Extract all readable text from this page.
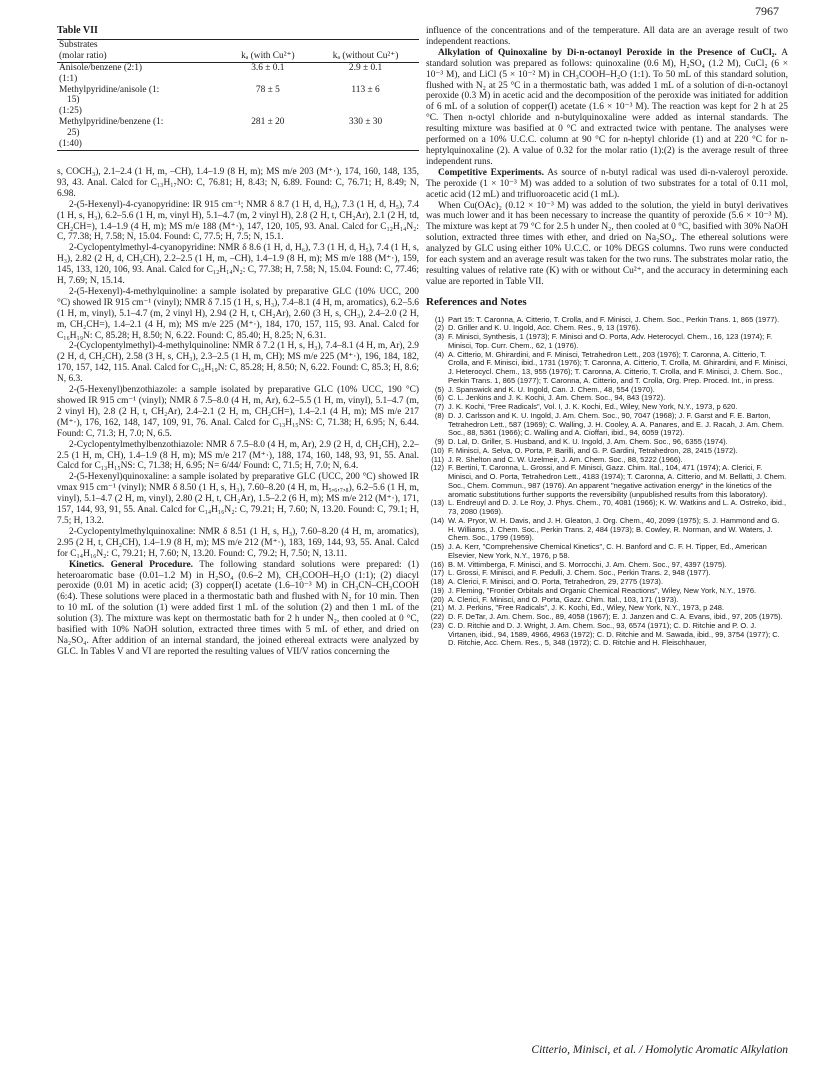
7967
Table VII
Substrates		
(molar ratio)	kₐ (with Cu²⁺)	kₐ (without Cu²⁺)
Anisole/benzene (2:1)	3.6 ± 0.1	2.9 ± 0.1
(1:1)		
Methylpyridine/anisole (1:	78 ± 5	113 ± 6
15)		
(1:25)		
Methylpyridine/benzene (1:	281 ± 20	330 ± 30
25)		
(1:40)		

s, COCH₃), 2.1–2.4 (1 H, m, –CH), 1.4–1.9 (8 H, m); MS m/e 203 (M⁺·), 174, 160, 148, 135, 93, 43. Anal. Calcd for C₁₃H₁₇NO: C, 76.81; H, 8.43; N, 6.89. Found: C, 76.71; H, 8.49; N, 6.98.

2-(5-Hexenyl)-4-cyanopyridine: IR 915 cm⁻¹; NMR δ 8.7 (1 H, d, H₆), 7.3 (1 H, d, H₅), 7.4 (1 H, s, H₃), 6.2–5.6 (1 H, m, vinyl H), 5.1–4.7 (m, 2 vinyl H), 2.8 (2 H, t, CH₂Ar), 2.1 (2 H, td, CH₂CH=), 1.4–1.9 (4 H, m); MS m/e 188 (M⁺·), 147, 120, 105, 93. Anal. Calcd for C₁₂H₁₄N₂: C, 77.38; H, 7.58; N, 15.04. Found: C, 77.5; H, 7.5; N, 15.1.

2-Cyclopentylmethyl-4-cyanopyridine: NMR δ 8.6 (1 H, d, H₆), 7.3 (1 H, d, H₅), 7.4 (1 H, s, H₃), 2.82 (2 H, d, CH₂CH), 2.2–2.5 (1 H, m, –CH), 1.4–1.9 (8 H, m); MS m/e 188 (M⁺·), 159, 145, 133, 120, 106, 93. Anal. Calcd for C₁₂H₁₄N₂: C, 77.38; H, 7.58; N, 15.04. Found: C, 77.46; H, 7.69; N, 15.14.

2-(5-Hexenyl)-4-methylquinoline: a sample isolated by preparative GLC (10% UCC, 200 °C) showed IR 915 cm⁻¹ (vinyl); NMR δ 7.15 (1 H, s, H₃), 7.4–8.1 (4 H, m, aromatics), 6.2–5.6 (1 H, m, vinyl), 5.1–4.7 (m, 2 vinyl H), 2.94 (2 H, t, CH₂Ar), 2.60 (3 H, s, CH₃), 2.4–2.0 (2 H, m, CH₂CH=), 1.4–2.1 (4 H, m); MS m/e 225 (M⁺·), 184, 170, 157, 115, 93. Anal. Calcd for C₁₆H₁₉N: C, 85.28; H, 8.50; N, 6.22. Found: C, 85.40; H, 8.25; N, 6.31.

2-(Cyclopentylmethyl)-4-methylquinoline: NMR δ 7.2 (1 H, s, H₃), 7.4–8.1 (4 H, m, Ar), 2.9 (2 H, d, CH₂CH), 2.58 (3 H, s, CH₃), 2.3–2.5 (1 H, m, CH); MS m/e 225 (M⁺·), 196, 184, 182, 170, 157, 142, 115. Anal. Calcd for C₁₆H₁₉N: C, 85.28; H, 8.50; N, 6.22. Found: C, 85.3; H, 8.6; N, 6.3.

2-(5-Hexenyl)benzothiazole: a sample isolated by preparative GLC (10% UCC, 190 °C) showed IR 915 cm⁻¹ (vinyl); NMR δ 7.5–8.0 (4 H, m, Ar), 6.2–5.5 (1 H, m, vinyl), 5.1–4.7 (m, 2 vinyl H), 2.8 (2 H, t, CH₂Ar), 2.4–2.1 (2 H, m, CH₂CH=), 1.4–2.1 (4 H, m); MS m/e 217 (M⁺·), 176, 162, 148, 147, 109, 91, 76. Anal. Calcd for C₁₃H₁₅NS: C, 71.38; H, 6.95; N, 6.44. Found: C, 71.3; H, 7.0; N, 6.5.

2-Cyclopentylmethylbenzothiazole: NMR δ 7.5–8.0 (4 H, m, Ar), 2.9 (2 H, d, CH₂CH), 2.2–2.5 (1 H, m, CH), 1.4–1.9 (8 H, m); MS m/e 217 (M⁺·), 188, 174, 160, 148, 93, 91, 55. Anal. Calcd for C₁₃H₁₅NS: C, 71.38; H, 6.95; N= 6/44/ Found: C, 71.5; H, 7.0; N, 6.4.

2-(5-Hexenyl)quinoxaline: a sample isolated by preparative GLC (UCC, 200 °C) showed IR νmax 915 cm⁻¹ (vinyl); NMR δ 8.50 (1 H, s, H₃), 7.60–8.20 (4 H, m, H₅,₆,₇,₈), 6.2–5.6 (1 H, m, vinyl), 5.1–4.7 (2 H, m, vinyl), 2.80 (2 H, t, CH₂Ar), 1.5–2.2 (6 H, m); MS m/e 212 (M⁺·), 171, 157, 144, 93, 91, 55. Anal. Calcd for C₁₄H₁₆N₂: C, 79.21; H, 7.60; N, 13.20. Found: C, 79.1; H, 7.5; H, 13.2.

2-Cyclopentylmethylquinoxaline: NMR δ 8.51 (1 H, s, H₃), 7.60–8.20 (4 H, m, aromatics), 2.95 (2 H, t, CH₂CH), 1.4–1.9 (8 H, m); MS m/e 212 (M⁺·), 183, 169, 144, 93, 55. Anal. Calcd for C₁₄H₁₆N₂: C, 79.21; H, 7.60; N, 13.20. Found: C, 79.2; H, 7.50; N, 13.11.

Kinetics. General Procedure. The following standard solutions were prepared: (1) heteroaromatic base (0.01–1.2 M) in H₂SO₄ (0.6–2 M), CH₃COOH–H₂O (1:1); (2) diacyl peroxide (0.01 M) in acetic acid; (3) copper(I) acetate (1.6–10⁻³ M) in CH₃CN–CH₃COOH (6:4). These solutions were placed in a thermostatic bath and flushed with N₂ for 10 min. Then to 10 mL of the solution (1) were added first 1 mL of the solution (2) and then 1 mL of the solution (3). The mixture was kept on thermostatic bath for 2 h under N₂, then cooled at 0 °C, basified with 10% NaOH solution, extracted three times with 5 mL of ether, and dried on Na₂SO₄. After addition of an internal standard, the joined ethereal extracts were analyzed by GLC. In Tables V and VI are reported the resulting values of VII/V ratios concerning the

influence of the concentrations and of the temperature. All data are an average result of two independent reactions.

Alkylation of Quinoxaline by Di-n-octanoyl Peroxide in the Presence of CuCl₂. A standard solution was prepared as follows: quinoxaline (0.6 M), H₂SO₄ (1.2 M), CuCl₂ (6 × 10⁻³ M), and LiCl (5 × 10⁻² M) in CH₃COOH–H₂O (1:1). To 50 mL of this standard solution, flushed with N₂ at 25 °C in a thermostatic bath, was added 1 mL of a solution of di-n-octanoyl peroxide (0.3 M) in acetic acid and the decomposition of the peroxide was initiated for addition of 6 mL of a solution of copper(I) acetate (1.6 × 10⁻³ M). The reaction was kept for 2 h at 25 °C. Then n-octyl chloride and n-butylquinoxaline were added as internal standards. The resulting mixture was basified at 0 °C and extracted twice with pentane. The analyses were performed on a 10% U.C.C. column at 90 °C for n-heptyl chloride (1) and at 220 °C for n-heptylquinoxaline (2). A value of 0.32 for the molar ratio (1):(2) is the average result of three independent runs.

Competitive Experiments. As source of n-butyl radical was used di-n-valeroyl peroxide. The peroxide (1 × 10⁻³ M) was added to a solution of two substrates for a total of 0.11 mol, acetic acid (12 mL) and trifluoroacetic acid (1 mL).

When Cu(OAc)₂ (0.12 × 10⁻³ M) was added to the solution, the yield in butyl derivatives was much lower and it has been necessary to increase the quantity of peroxide (5.6 × 10⁻³ M). The mixture was kept at 79 °C for 2.5 h under N₂, then cooled at 0 °C, basified with 30% NaOH solution, extracted three times with ether, and dried on Na₂SO₄. The ethereal solutions were analyzed by GLC using either 10% U.C.C. or 10% DEGS columns. Two runs were conducted for each system and an average result was taken for the two runs. The substrates molar ratio, the resulting values of relative rate (K) with or without Cu²⁺, and the accuracy in determining each value are reported in Table VII.

References and Notes
(1) Part 15: T. Caronna, A. Citterio, T. Crolla, and F. Minisci, J. Chem. Soc., Perkin Trans. 1, 865 (1977).
(2) D. Griller and K. U. Ingold, Acc. Chem. Res., 9, 13 (1976).
(3) F. Minisci, Synthesis, 1 (1973); F. Minisci and O. Porta, Adv. Heterocycl. Chem., 16, 123 (1974); F. Minisci, Top. Curr. Chem., 62, 1 (1976).
(4) A. Citterio, M. Ghirardini, and F. Minisci, Tetrahedron Lett., 203 (1976); T. Caronna, A. Citterio, T. Crolla, and F. Minisci, ibid., 1731 (1976); T. Caronna, A. Citterio, T. Crolla, M. Ghirardini, and F. Minisci, J. Heterocycl. Chem., 13, 955 (1976); T. Caronna, A. Citterio, T. Crolla, and F. Minisci, J. Chem. Soc., Perkin Trans. 1, 865 (1977); T. Caronna, A. Citterio, and T. Crolla, Org. Prep. Proced. Int., in press.
(5) J. Spanswick and K. U. Ingold, Can. J. Chem., 48, 554 (1970).
(6) C. L. Jenkins and J. K. Kochi, J. Am. Chem. Soc., 94, 843 (1972).
(7) J. K. Kochi, "Free Radicals", Vol. I, J. K. Kochi, Ed., Wiley, New York, N.Y., 1973, p 620.
(8) D. J. Carlsson and K. U. Ingold, J. Am. Chem. Soc., 90, 7047 (1968); J. F. Garst and F. E. Barton, Tetrahedron Lett., 587 (1969); C. Walling, J. H. Cooley, A. A. Panares, and E. J. Racah, J. Am. Chem. Soc., 88, 5361 (1966); C. Walling and A. Cioffari, ibid., 94, 6059 (1972).
(9) D. Lal, D. Griller, S. Husband, and K. U. Ingold, J. Am. Chem. Soc., 96, 6355 (1974).
(10) F. Minisci, A. Selva, O. Porta, P. Barilli, and G. P. Gardini, Tetrahedron, 28, 2415 (1972).
(11) J. R. Shelton and C. W. Uzelmeir, J. Am. Chem. Soc., 88, 5222 (1966).
(12) F. Bertini, T. Caronna, L. Grossi, and F. Minisci, Gazz. Chim. Ital., 104, 471 (1974); A. Clerici, F. Minisci, and O. Porta, Tetrahedron Lett., 4183 (1974); T. Caronna, A. Citterio, and M. Bellatti, J. Chem. Soc., Chem. Commun., 987 (1976). An apparent "negative activation energy" in the kinetics of the aromatic substitutions further supports the reversibility (unpublished results from this laboratory).
(13) L. Endreuyl and D. J. Le Roy, J. Phys. Chem., 70, 4081 (1966); K. W. Watkins and L. A. Ostreko, ibid., 73, 2080 (1969).
(14) W. A. Pryor, W. H. Davis, and J. H. Gleaton, J. Org. Chem., 40, 2099 (1975); S. J. Hammond and G. H. Williams, J. Chem. Soc., Perkin Trans. 2, 484 (1973); B. Cowley, R. Norman, and W. Waters, J. Chem. Soc., 1799 (1959).
(15) J. A. Kerr, "Comprehensive Chemical Kinetics", C. H. Banford and C. F. H. Tipper, Ed., American Elsevier, New York, N.Y., 1976, p 58.
(16) B. M. Vittimberga, F. Minisci, and S. Morrocchi, J. Am. Chem. Soc., 97, 4397 (1975).
(17) L. Grossi, F. Minisci, and F. Pedulli, J. Chem. Soc., Perkin Trans. 2, 948 (1977).
(18) A. Clerici, F. Minisci, and O. Porta, Tetrahedron, 29, 2775 (1973).
(19) J. Fleming, "Frontier Orbitals and Organic Chemical Reactions", Wiley, New York, N.Y., 1976.
(20) A. Clerici, F. Minisci, and O. Porta, Gazz. Chim. Ital., 103, 171 (1973).
(21) M. J. Perkins, "Free Radicals", J. K. Kochi, Ed., Wiley, New York, N.Y., 1973, p 248.
(22) D. F. DeTar, J. Am. Chem. Soc., 89, 4058 (1967); E. J. Janzen and C. A. Evans, ibid., 97, 205 (1975).
(23) C. D. Ritchie and D. J. Wright, J. Am. Chem. Soc., 93, 6574 (1971); C. D. Ritchie and P. O. J. Virtanen, ibid., 94, 1589, 4966, 4963 (1972); C. D. Ritchie and M. Sawada, ibid., 99, 3754 (1977); C. D. Ritchie, Acc. Chem. Res., 5, 348 (1972); C. D. Ritchie and H. Fleischhauer,
Citterio, Minisci, et al. / Homolytic Aromatic Alkylation
